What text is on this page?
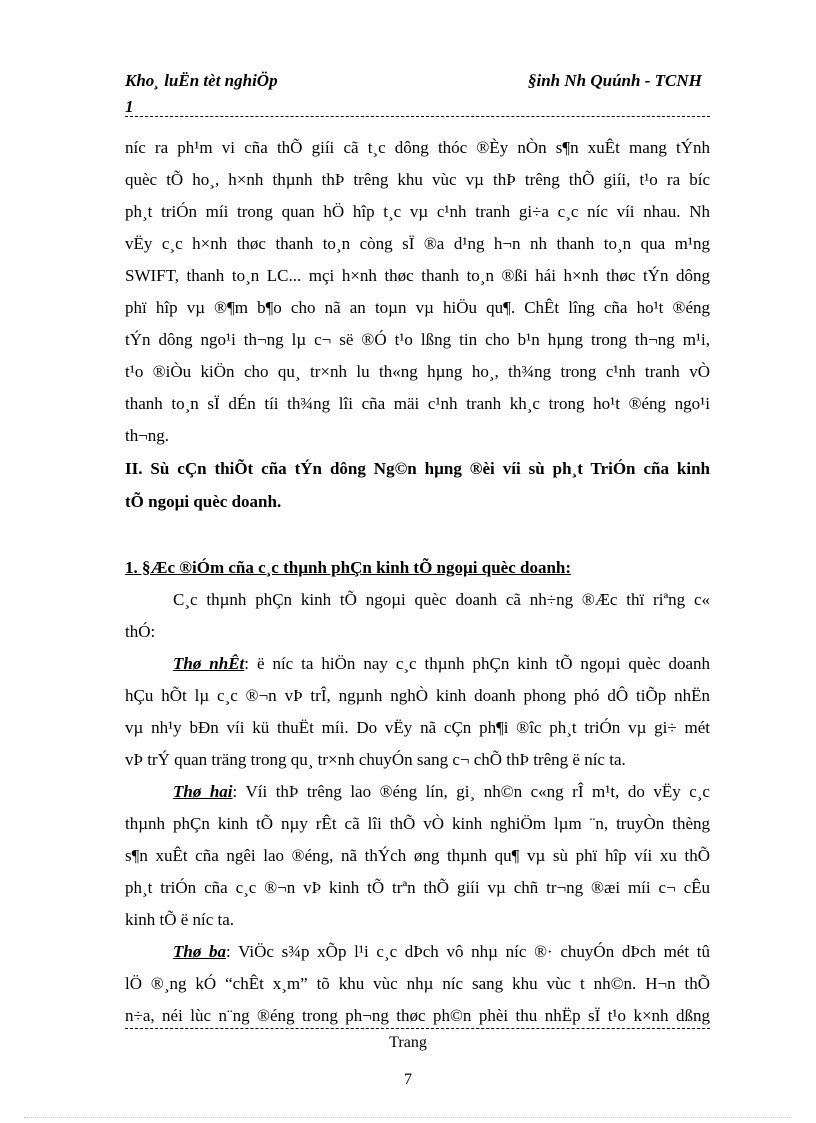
Kho¸ luËn tèt nghiÖp
1
§inh Nh Quúnh - TCNH
níc ra ph¹m vi cña thÕ giíi cã t¸c dông thóc ®Èy nÒn s¶n xuÊt mang tÝnh
quèc tÕ ho¸, h×nh thµnh thÞ trêng khu vùc vµ thÞ trêng thÕ giíi, t¹o ra bíc
ph¸t triÓn míi trong quan hÖ hîp t¸c vµ c¹nh tranh gi÷a c¸c níc víi nhau. Nh
vËy c¸c h×nh thøc thanh to¸n còng sÏ ®a d¹ng h¬n nh thanh to¸n qua m¹ng
SWIFT, thanh to¸n LC... mçi h×nh thøc thanh to¸n ®ßi hái h×nh thøc tÝn dông
phï hîp vµ ®¶m b¶o cho nã an toµn vµ hiÖu qu¶. ChÊt lîng cña ho¹t ®éng
tÝn dông ngo¹i th¬ng lµ c¬ së ®Ó t¹o lßng tin cho b¹n hµng trong th¬ng m¹i,
t¹o ®iÒu kiÖn cho qu¸ tr×nh lu th«ng hµng ho¸, th¾ng trong c¹nh tranh vÒ
thanh to¸n sÏ dÉn tíi th¾ng lîi cña mäi c¹nh tranh kh¸c trong ho¹t ®éng ngo¹i
th¬ng.
II. Sù cÇn thiÕt cña tÝn dông Ng©n hµng ®èi víi sù ph¸t TriÓn cña kinh
tÕ ngoµi quèc doanh.
1. §Æc ®iÓm cña c¸c thµnh phÇn kinh tÕ ngoµi quèc doanh:
C¸c thµnh phÇn kinh tÕ ngoµi quèc doanh cã nh÷ng ®Æc thï riªng c«
thÓ:
Thø nhÊt: ë níc ta hiÖn nay c¸c thµnh phÇn kinh tÕ ngoµi quèc doanh
hÇu hÕt lµ c¸c ®¬n vÞ trÎ, ngµnh nghÒ kinh doanh phong phó dÔ tiÕp nhËn
vµ nh¹y bÐn víi kü thuËt míi. Do vËy nã cÇn ph¶i ®îc ph¸t triÓn vµ gi÷ mét
vÞ trÝ quan träng trong qu¸ tr×nh chuyÓn sang c¬ chÕ thÞ trêng ë níc ta.
Thø hai: Víi thÞ trêng lao ®éng lín, gi¸ nh©n c«ng rÎ m¹t, do vËy c¸c
thµnh phÇn kinh tÕ nµy rÊt cã lîi thÕ vÒ kinh nghiÖm lµm ¨n, truyÒn thèng
s¶n xuÊt cña ngêi lao ®éng, nã thÝch øng thµnh qu¶ vµ sù phï hîp víi xu thÕ
ph¸t triÓn cña c¸c ®¬n vÞ kinh tÕ trªn thÕ giíi vµ chñ tr¬ng ®æi míi c¬ cÊu
kinh tÕ ë níc ta.
Thø ba: ViÖc s¾p xÕp l¹i c¸c dÞch vô nhµ níc ®· chuyÓn dÞch mét tû
lÖ ®¸ng kÓ “chÊt x¸m” tõ khu vùc nhµ níc sang khu vùc t nh©n. H¬n thÕ
n÷a, néi lùc n¨ng ®éng trong ph¬ng thøc ph©n phèi thu nhËp sÏ t¹o k×nh dßng
Trang
7
